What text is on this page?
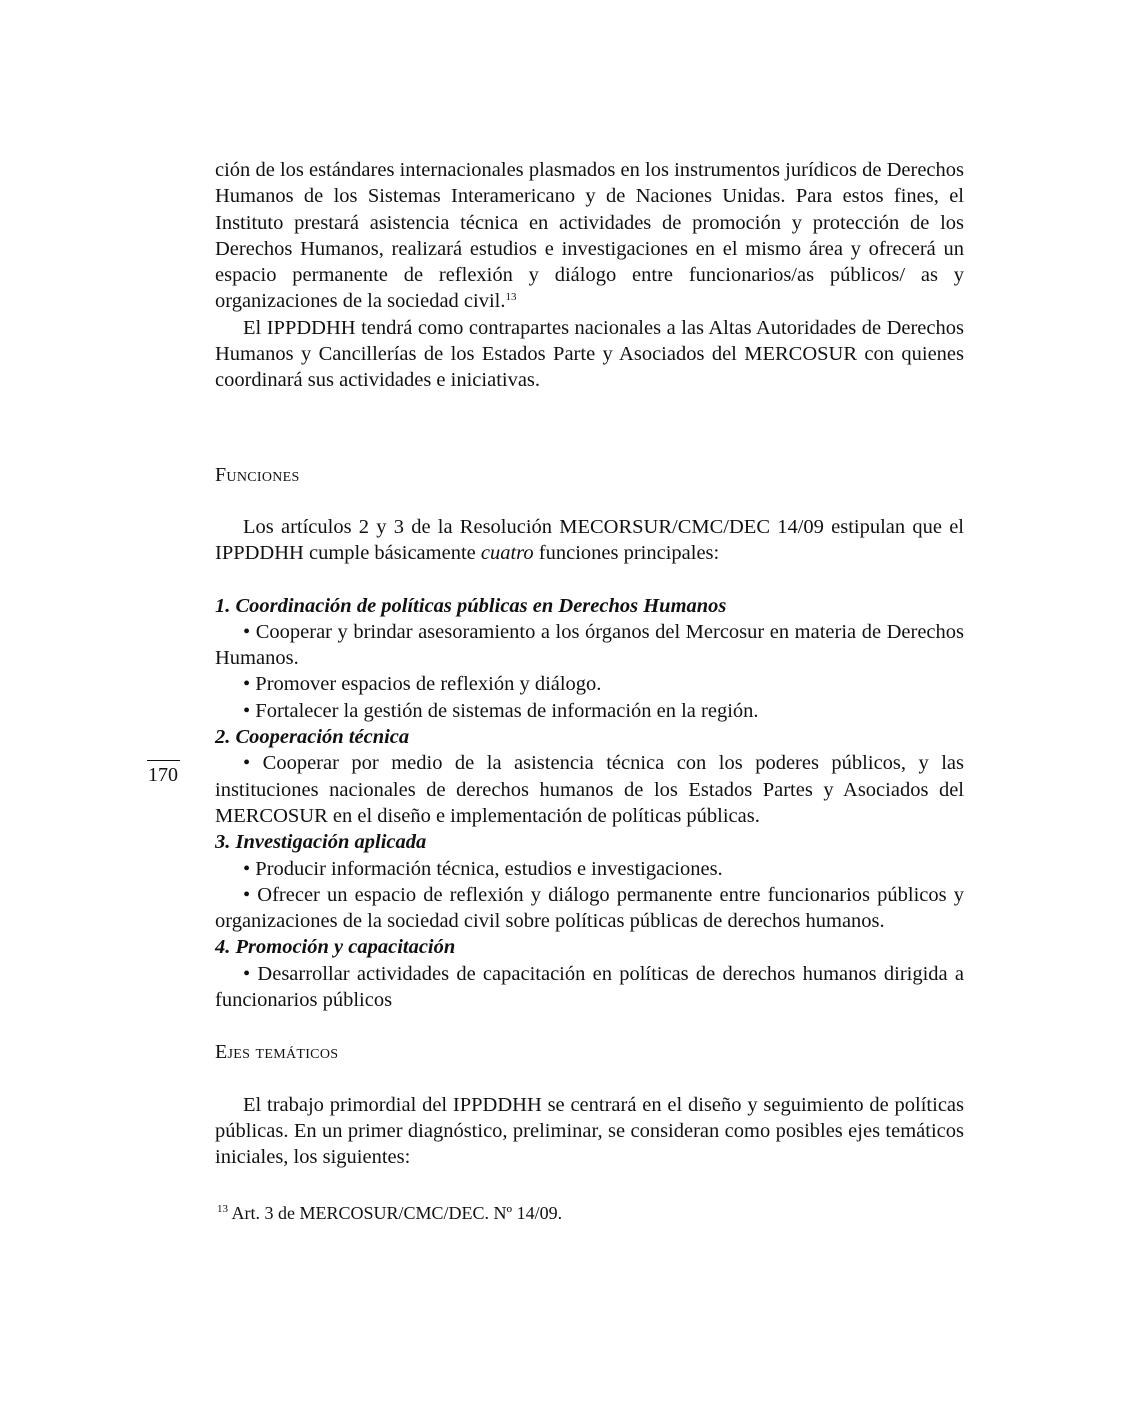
170

ción de los estándares internacionales plasmados en los instrumentos jurídicos de Derechos Humanos de los Sistemas Interamericano y de Naciones Unidas. Para estos fines, el Instituto prestará asistencia técnica en actividades de promoción y protección de los Derechos Humanos, realizará estudios e investigaciones en el mismo área y ofrecerá un espacio permanente de reflexión y diálogo entre funcionarios/as públicos/ as y organizaciones de la sociedad civil.$^{13}$

El IPPDDHH tendrá como contrapartes nacionales a las Altas Autoridades de Derechos Humanos y Cancillerías de los Estados Parte y Asociados del MERCOSUR con quienes coordinará sus actividades e iniciativas.

Funciones

Los artículos 2 y 3 de la Resolución MECORSUR/CMC/DEC 14/09 estipulan que el IPPDDHH cumple básicamente cuatro funciones principales:

1. Coordinación de políticas públicas en Derechos Humanos

• Cooperar y brindar asesoramiento a los órganos del Mercosur en materia de Derechos Humanos.

• Promover espacios de reflexión y diálogo.

• Fortalecer la gestión de sistemas de información en la región.

2. Cooperación técnica

• Cooperar por medio de la asistencia técnica con los poderes públicos, y las instituciones nacionales de derechos humanos de los Estados Partes y Asociados del MERCOSUR en el diseño e implementación de políticas públicas.

3. Investigación aplicada

• Producir información técnica, estudios e investigaciones.

• Ofrecer un espacio de reflexión y diálogo permanente entre funcionarios públicos y organizaciones de la sociedad civil sobre políticas públicas de derechos humanos.

4. Promoción y capacitación

• Desarrollar actividades de capacitación en políticas de derechos humanos dirigida a funcionarios públicos

Ejes temáticos

El trabajo primordial del IPPDDHH se centrará en el diseño y seguimiento de políticas públicas. En un primer diagnóstico, preliminar, se consideran como posibles ejes temáticos iniciales, los siguientes:

$^{13}$ Art. 3 de MERCOSUR/CMC/DEC. Nº 14/09.
